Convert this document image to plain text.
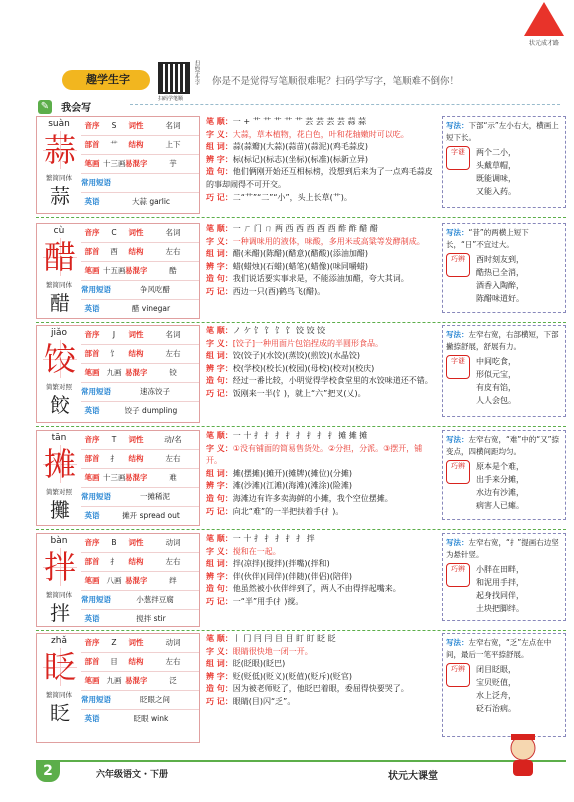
状元成才路
趣学生字
扫码学笔顺
扫码学生字 你是不是觉得写笔顺很难呢？扫码学写字，笔顺难不倒你！
✎ 我会写
suàn
蒜
繁简同体
蒜
音序	S	词性	名词
部首	艹	结构	上下
笔画 十三画 易混字	芋
常用短语
英语	大蒜 garlic
笔 顺：一 + 艹 艹 艹 艹 艹 芸 芸 芸 芸 蒜 蒜
字 义：大蒜，草本植物，花白色，叶和花轴嫩时可以吃。
组 词：蒜(蒜瓣)(大蒜)(蒜苗)(蒜泥)(鸡毛蒜皮)
辨 字：标(标记)(标志)(坐标)(标准)(标新立异)
造 句：他们俩刚开始还互相标榜，没想到后来为了一点鸡毛蒜皮的事却闹得不可开交。
巧 记：二“艹”“二”“小”，头上长草(艹)。
写法：下部“示”左小右大，横画上短下长。
字谜 两个二小，
头戴草帽，
既能调味，
又能入药。
cù
醋
繁简同体
醋
音序	C	词性	名词
部首	酉	结构	左右
笔画 十五画 易混字	酷
常用短语	争风吃醋
英语	醋 vinegar
笔 顺：一 ㄏ 门 ㄇ 两 西 西 酉 酉 酉 酢 酢 醋 醋
字 义：一种调味用的液体，味酸，多用米或高粱等发酵制成。
组 词：醋(米醋)(陈醋)(醋意)(醋酸)(添油加醋)
辨 字：蜡(蜡烛)(石蜡)(蜡笔)(蜡像)(味同嚼蜡)
造 句：我们说话要实事求是，不能添油加醋，夸大其词。
巧 记：西边一只(酉)鹤鸟飞(醋)。
写法：“昔”的两横上短下长，“日”不宜过大。
巧辨 酉时刻友到，
酷热已全消，
酒香入陶醉，
陈醋味道好。
jiǎo
饺
简繁对照
餃
音序	J	词性	名词
部首	饣	结构	左右
笔画 九画 易混字	铰
常用短语	速冻饺子
英语	饺子 dumpling
笔 顺：ノ ケ 饣 饣 饣 饣 饺 饺 饺
字 义：[饺子]一种用面片包馅捏成的半圆形食品。
组 词：饺(饺子)(水饺)(蒸饺)(煎饺)(水晶饺)
辨 字：校(学校)(校长)(校园)(母校)(校对)(校庆)
造 句：经过一番比较，小明觉得学校食堂里的水饺味道还不错。
巧 记：饭刚来一半(饣)，就上“六”把叉(乂)。
写法：左窄右宽，右部横短，下部撇捺舒展，舒展有力。
字谜 中间吃食，
形似元宝，
有皮有馅，
人人会包。
tān
摊
简繁对照
攤
音序	T	词性	动/名
部首	扌	结构	左右
笔画 十三画 易混字	难
常用短语	一摊稀泥
英语	摊开 spread out
笔 顺：一 十 扌 扌 扌 扌 扌 扌 扌 扌 摊 摊 摊
字 义：①没有铺面的简易售货处。②分担，分派。③摆开，铺开。
组 词：摊(摆摊)(摊开)(摊牌)(摊位)(分摊)
辨 字：滩(沙滩)(江滩)(海滩)(滩涂)(险滩)
造 句：海滩边有许多卖海鲜的小摊，我个空位摆摊。
巧 记：向北“难”的一半把扶着手(扌)。
写法：左窄右宽，“难”中的“又”捺变点，四横间距均匀。
巧辨 原本是个难，
出手来分摊，
水边有沙滩，
病害人已瘫。
bàn
拌
繁简同体
拌
音序	B	词性	动词
部首	扌	结构	左右
笔画 八画 易混字	绊
常用短语	小葱拌豆腐
英语	搅拌 stir
笔 顺：一 十 扌 扌 扌 扌 扌 拌
字 义：搅和在一起。
组 词：拌(凉拌)(搅拌)(拌嘴)(拌和)
辨 字：伴(伙伴)(同伴)(伴随)(伴侣)(陪伴)
造 句：他虽然被小伙伴绊到了，两人不由得拌起嘴来。
巧 记：一“半”用手(扌)搅。
写法：左窄右宽，“扌”提画右边坚为悬针竖。
巧辨 小胖在田畔，
和泥用手拌，
起身找同伴，
土块把脚绊。
zhǎ
眨
繁简同体
眨
音序	Z	词性	动词
部首	目	结构	左右
笔画 九画 易混字	泛
常用短语	眨眼之间
英语	眨眼 wink
笔 顺：丨 冂 冃 冃 目 目 盯 盯 眨 眨
字 义：眼睛很快地一闭一开。
组 词：眨(眨眼)(眨巴)
辨 字：贬(贬低)(贬义)(贬值)(贬斥)(贬官)
造 句：因为被老师贬了，他眨巴着眼，委屈得快要哭了。
巧 记：眼睛(目)闪“乏”。
写法：左窄右宽，“乏”左点在中间，最后一笔平捺舒展。
巧辨 闭目眨眼，
宝贝贬值，
水上泛舟，
砭石治病。
2	六年级语文・下册	状元大课堂
